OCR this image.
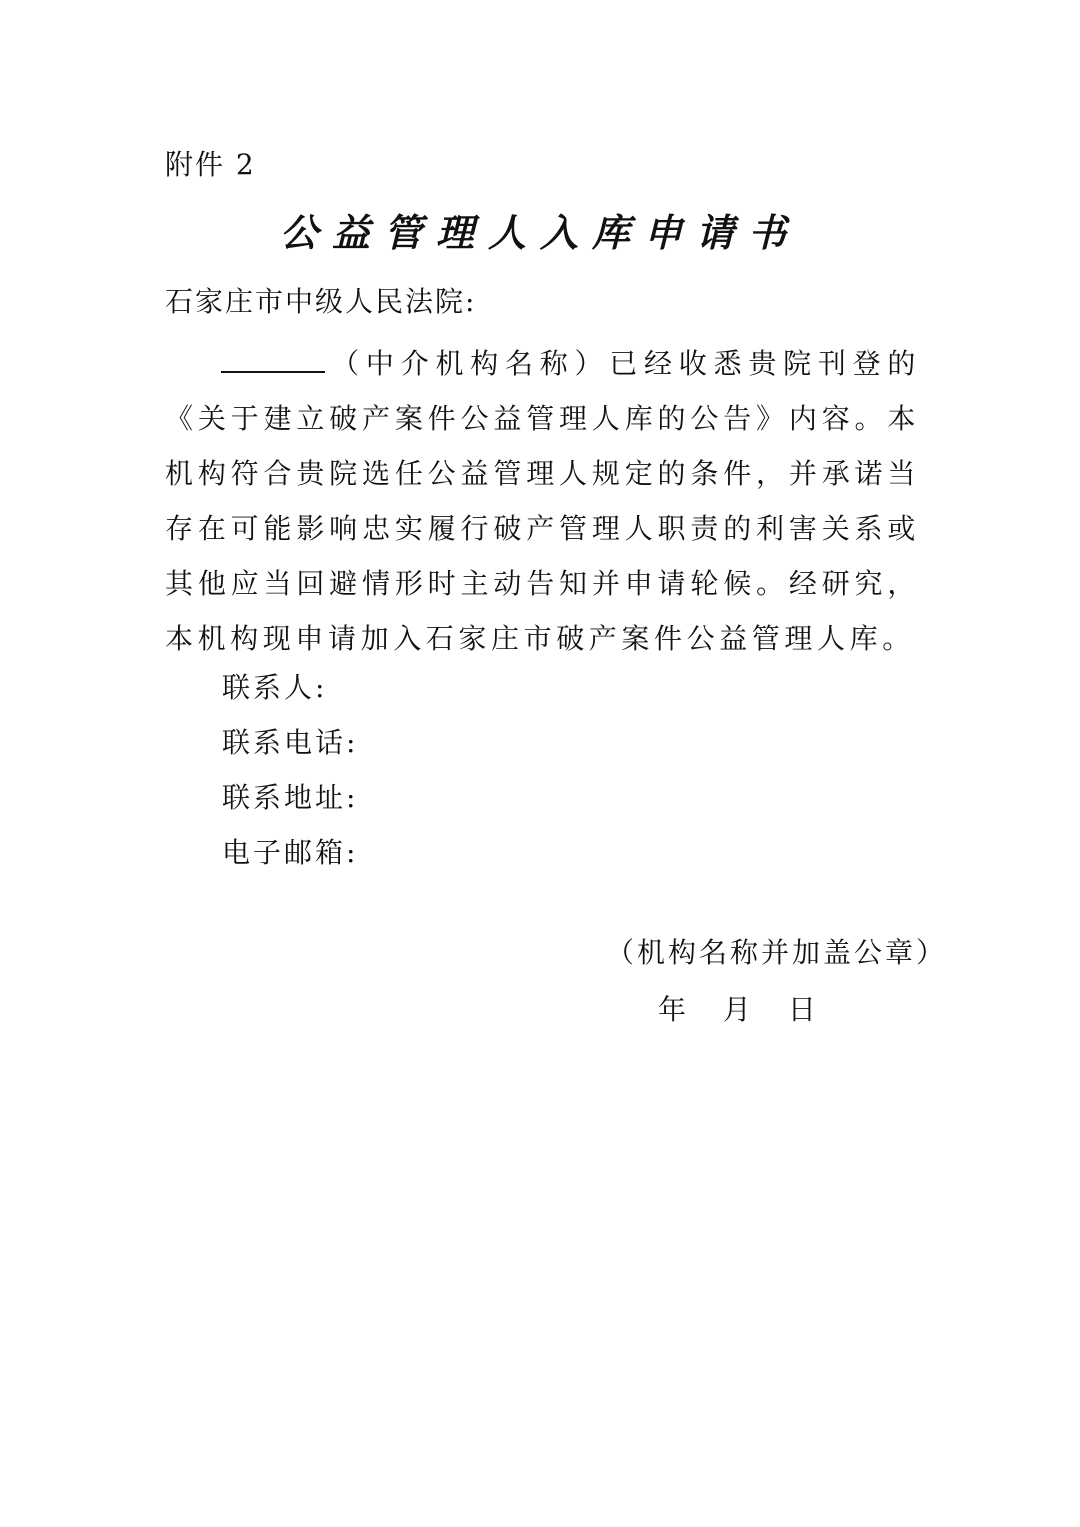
附件 2
公益管理人入库申请书
石家庄市中级人民法院:
（中介机构名称）已经收悉贵院刊登的《关于建立破产案件公益管理人库的公告》内容。本机构符合贵院选任公益管理人规定的条件，并承诺当存在可能影响忠实履行破产管理人职责的利害关系或其他应当回避情形时主动告知并申请轮候。经研究，本机构现申请加入石家庄市破产案件公益管理人库。
联系人:
联系电话:
联系地址:
电子邮箱:
（机构名称并加盖公章）
年 月 日
